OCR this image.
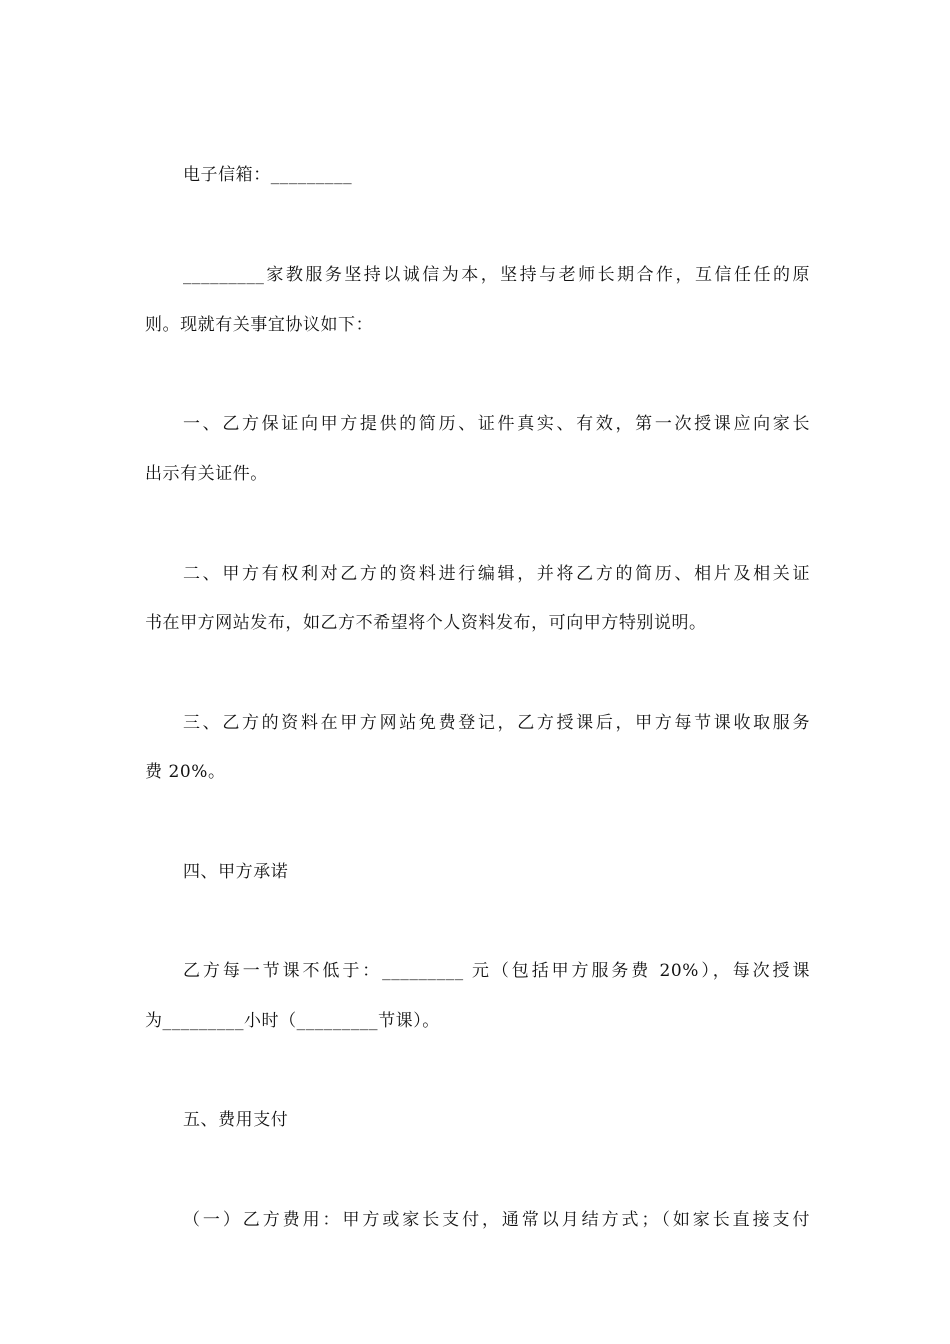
电子信箱：_________
_________家教服务坚持以诚信为本，坚持与老师长期合作，互信任任的原
则。现就有关事宜协议如下：
一、乙方保证向甲方提供的简历、证件真实、有效，第一次授课应向家长
出示有关证件。
二、甲方有权利对乙方的资料进行编辑，并将乙方的简历、相片及相关证
书在甲方网站发布，如乙方不希望将个人资料发布，可向甲方特别说明。
三、乙方的资料在甲方网站免费登记，乙方授课后，甲方每节课收取服务
费 20%。
四、甲方承诺
乙方每一节课不低于：_________ 元（包括甲方服务费 20%），每次授课
为_________小时（_________节课）。
五、费用支付
（一）乙方费用：甲方或家长支付，通常以月结方式；（如家长直接支付
